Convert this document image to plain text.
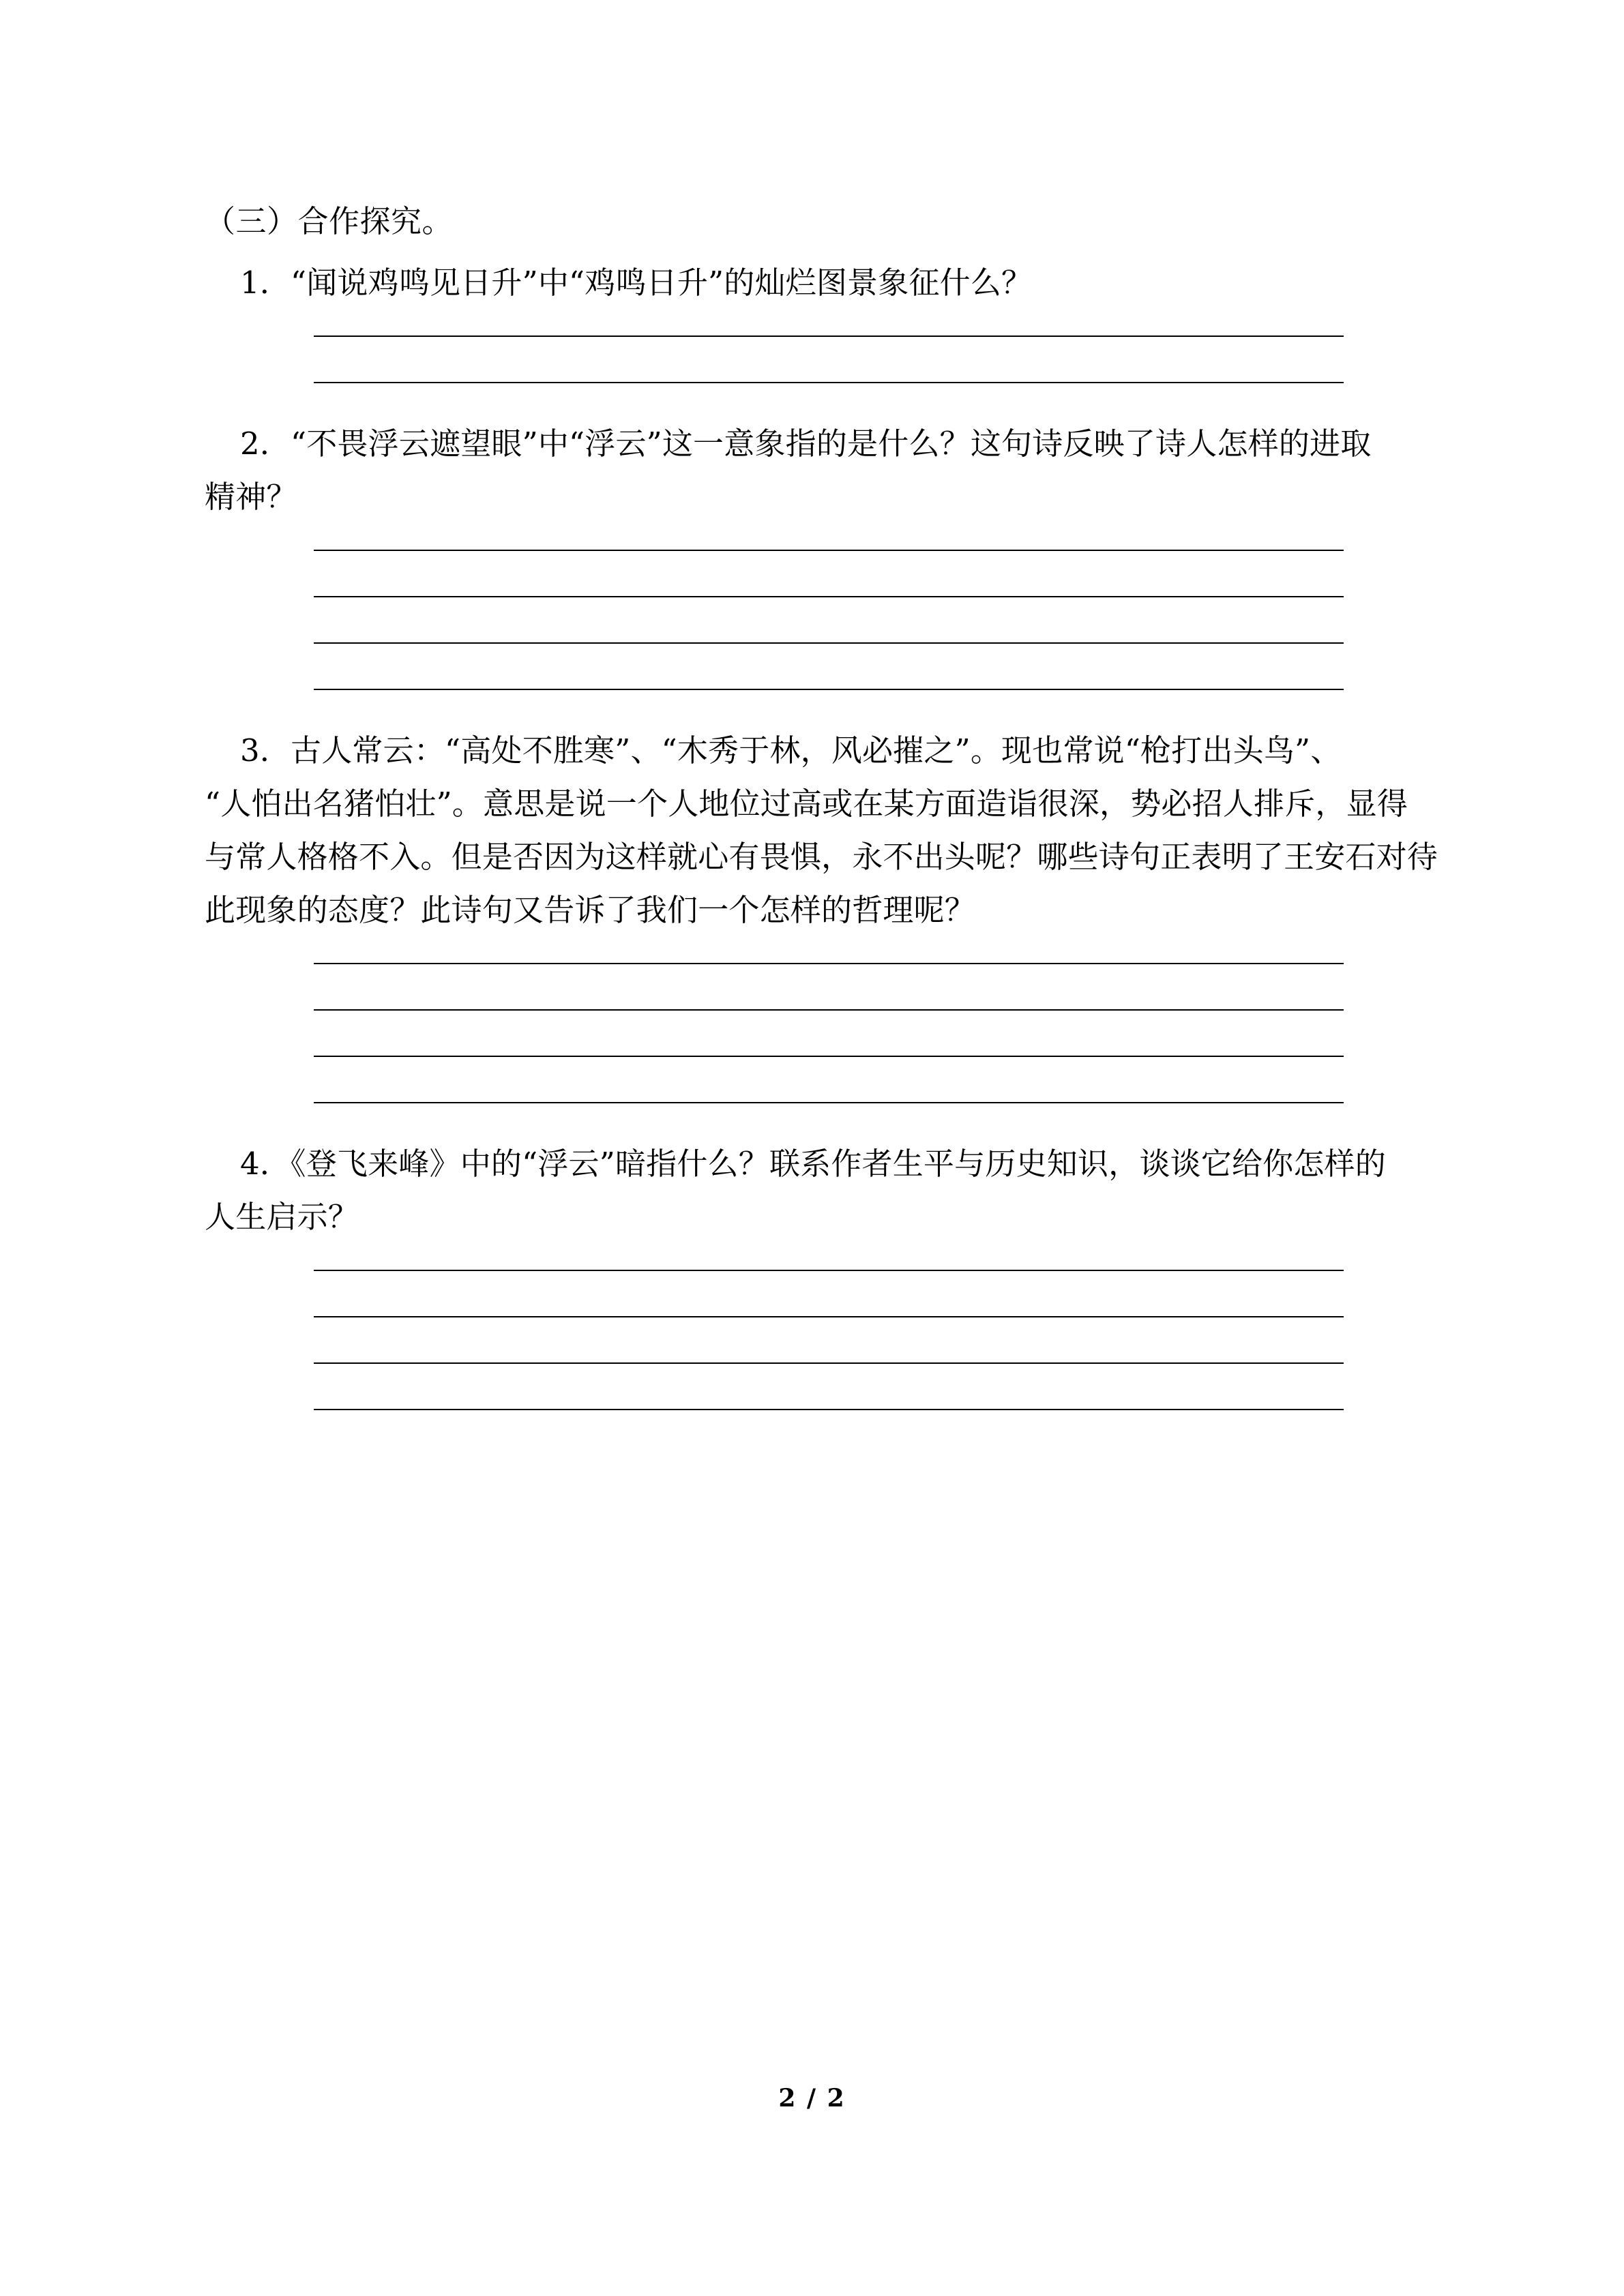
（三）合作探究。
1．“闻说鸡鸣见日升”中“鸡鸣日升”的灿烂图景象征什么？
2．“不畏浮云遮望眼”中“浮云”这一意象指的是什么？这句诗反映了诗人怎样的进取
精神？
3．古人常云：“高处不胜寒”、“木秀于林，风必摧之”。现也常说“枪打出头鸟”、
“人怕出名猪怕壮”。意思是说一个人地位过高或在某方面造诣很深，势必招人排斥，显得
与常人格格不入。但是否因为这样就心有畏惧，永不出头呢？哪些诗句正表明了王安石对待
此现象的态度？此诗句又告诉了我们一个怎样的哲理呢？
4．《登飞来峰》中的“浮云”暗指什么？联系作者生平与历史知识，谈谈它给你怎样的
人生启示？
2 / 2
